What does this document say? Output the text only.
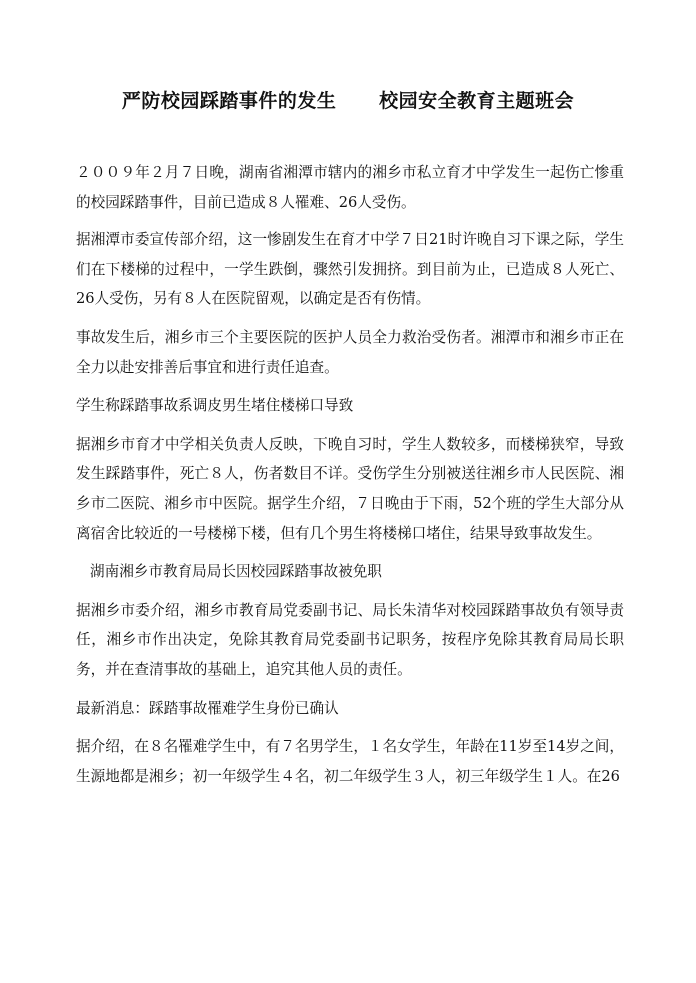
严防校园踩踏事件的发生      校园安全教育主题班会

２００９年２月７日晚，湖南省湘潭市辖内的湘乡市私立育才中学发生一起伤亡惨重的校园踩踏事件，目前已造成８人罹难、26人受伤。

据湘潭市委宣传部介绍，这一惨剧发生在育才中学７日21时许晚自习下课之际，学生们在下楼梯的过程中，一学生跌倒，骤然引发拥挤。到目前为止，已造成８人死亡、26人受伤，另有８人在医院留观，以确定是否有伤情。

事故发生后，湘乡市三个主要医院的医护人员全力救治受伤者。湘潭市和湘乡市正在全力以赴安排善后事宜和进行责任追查。

学生称踩踏事故系调皮男生堵住楼梯口导致

据湘乡市育才中学相关负责人反映，下晚自习时，学生人数较多，而楼梯狭窄，导致发生踩踏事件，死亡８人，伤者数目不详。受伤学生分别被送往湘乡市人民医院、湘乡市二医院、湘乡市中医院。据学生介绍，７日晚由于下雨，52个班的学生大部分从离宿舍比较近的一号楼梯下楼，但有几个男生将楼梯口堵住，结果导致事故发生。

湖南湘乡市教育局局长因校园踩踏事故被免职

据湘乡市委介绍，湘乡市教育局党委副书记、局长朱清华对校园踩踏事故负有领导责任，湘乡市作出决定，免除其教育局党委副书记职务，按程序免除其教育局局长职务，并在查清事故的基础上，追究其他人员的责任。

最新消息：踩踏事故罹难学生身份已确认

据介绍，在８名罹难学生中，有７名男学生，１名女学生，年龄在11岁至14岁之间，生源地都是湘乡；初一年级学生４名，初二年级学生３人，初三年级学生１人。在26
